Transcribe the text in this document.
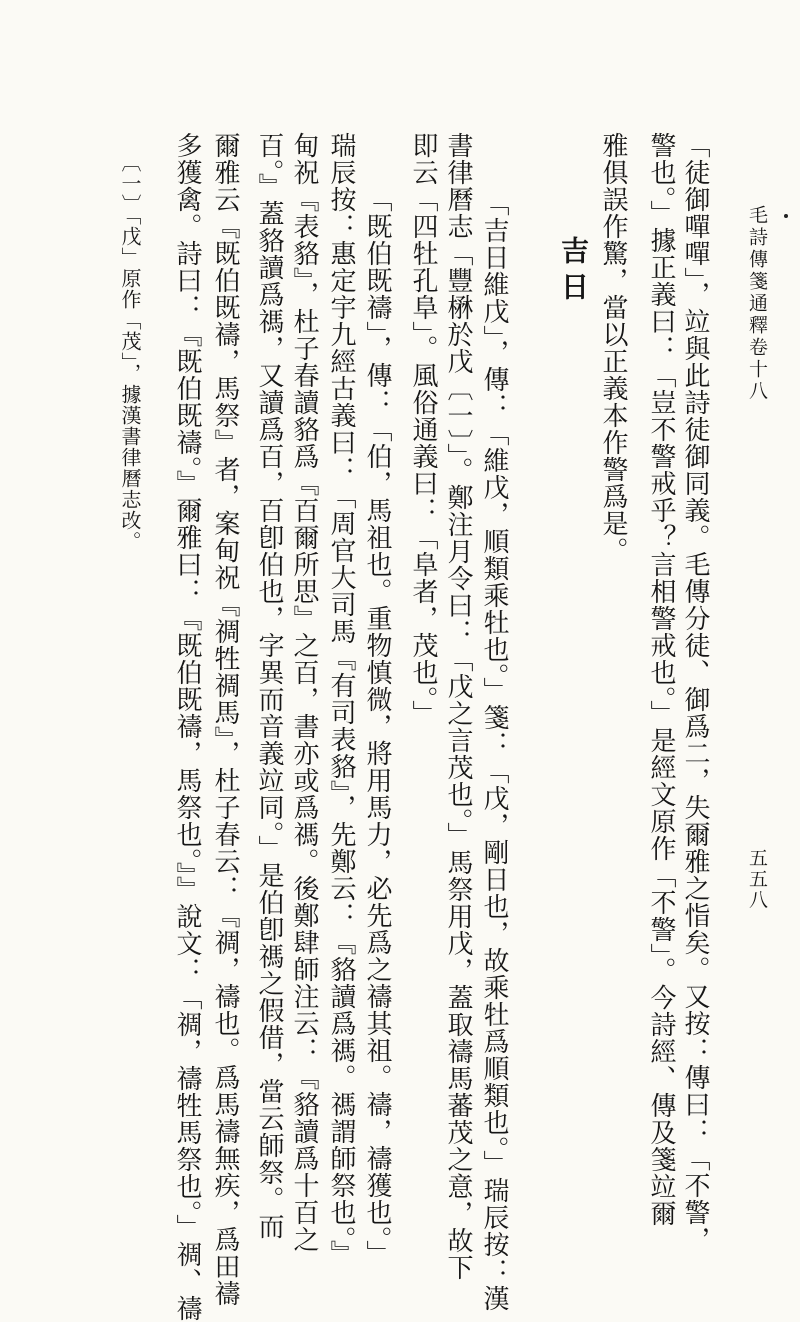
毛詩傳箋通釋卷十八
五五八
「徒御嘽嘽」，竝與此詩徒御同義。毛傳分徒、御爲二，失爾雅之恉矣。又按：傳曰：「不警，
警也。」據正義曰：「豈不警戒乎？言相警戒也。」是經文原作「不警」。今詩經、傳及箋竝爾
雅俱誤作驚，當以正義本作警爲是。
吉日
「吉日維戊」，傳：「維戊，順類乘牡也。」箋：「戊，剛日也，故乘牡爲順類也。」瑞辰按：漢
書律曆志「豐楙於戊〔一〕」。鄭注月令曰：「戊之言茂也。」馬祭用戊，蓋取禱馬蕃茂之意，故下
即云「四牡孔阜」。風俗通義曰：「阜者，茂也。」
「既伯既禱」，傳：「伯，馬祖也。重物慎微，將用馬力，必先爲之禱其祖。禱，禱獲也。」
瑞辰按：惠定宇九經古義曰：「周官大司馬『有司表貉』，先鄭云：『貉讀爲禡。禡謂師祭也。』
甸祝『表貉』，杜子春讀貉爲『百爾所思』之百，書亦或爲禡。後鄭肆師注云：『貉讀爲十百之
百。』蓋貉讀爲禡，又讀爲百，百卽伯也，字異而音義竝同。」是伯卽禡之假借，當云師祭。而
爾雅云『既伯既禱，馬祭』者，案甸祝『禂牲禂馬』，杜子春云：『禂，禱也。爲馬禱無疾，爲田禱
多獲禽。詩曰：『既伯既禱。』爾雅曰：『既伯既禱，馬祭也。』』說文：「禂，禱牲馬祭也。」禂、禱
〔一〕「戊」原作「茂」，據漢書律曆志改。
